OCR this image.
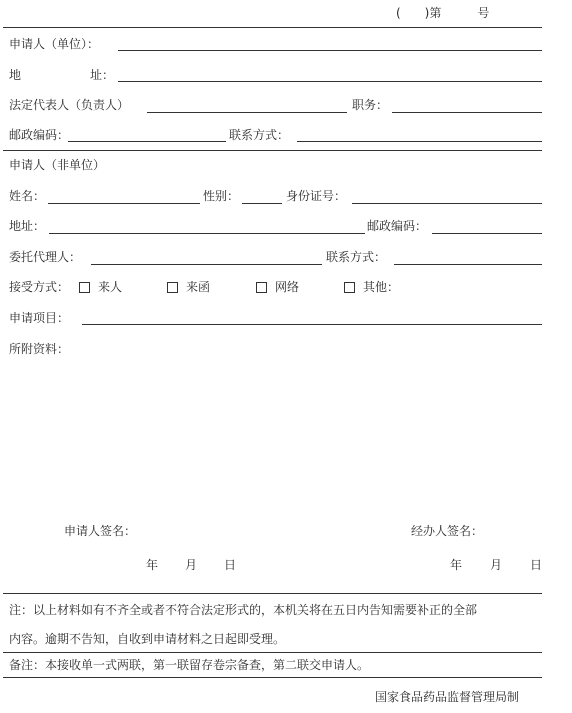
(　　)第　　　号
申请人（单位）：
地	址：
法定代表人（负责人）	职务：
邮政编码：	联系方式：
申请人（非单位）
姓名：	性别：	身份证号：
地址：	邮政编码：
委托代理人：	联系方式：
接受方式： 来人	来函	网络	其他：
申请项目：
所附资料：
申请人签名：	经办人签名：
年 月 日	年 月 日
注：以上材料如有不齐全或者不符合法定形式的，本机关将在五日内告知需要补正的全部
内容。逾期不告知，自收到申请材料之日起即受理。
备注：本接收单一式两联，第一联留存卷宗备查，第二联交申请人。
国家食品药品监督管理局制
